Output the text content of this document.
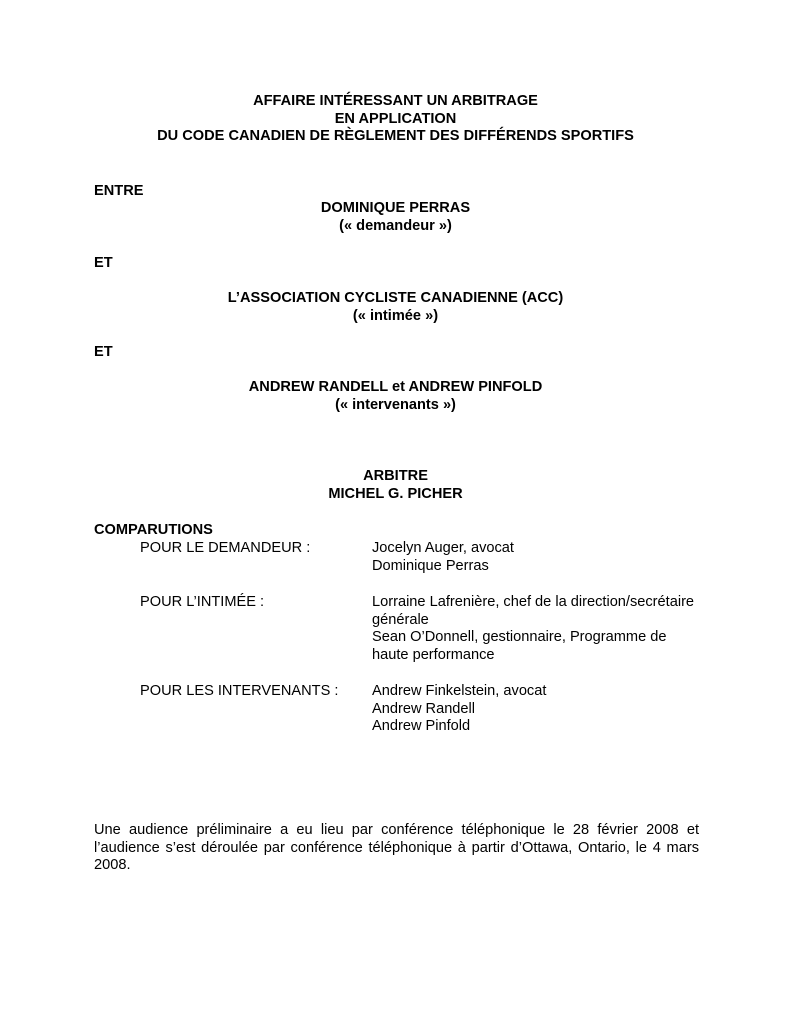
AFFAIRE INTÉRESSANT UN ARBITRAGE
EN APPLICATION
DU CODE CANADIEN DE RÈGLEMENT DES DIFFÉRENDS SPORTIFS
ENTRE
DOMINIQUE PERRAS
(« demandeur »)
ET
L’ASSOCIATION CYCLISTE CANADIENNE (ACC)
(« intimée »)
ET
ANDREW RANDELL et ANDREW PINFOLD
(« intervenants »)
ARBITRE
MICHEL G. PICHER
COMPARUTIONS
POUR LE DEMANDEUR :	Jocelyn Auger, avocat
Dominique Perras
POUR L’INTIMÉE :	Lorraine Lafrenière, chef de la direction/secrétaire générale
Sean O’Donnell, gestionnaire, Programme de haute performance
POUR LES INTERVENANTS : Andrew Finkelstein, avocat
Andrew Randell
Andrew Pinfold

Une audience préliminaire a eu lieu par conférence téléphonique le 28 février 2008 et l’audience s’est déroulée par conférence téléphonique à partir d’Ottawa, Ontario, le 4 mars 2008.
